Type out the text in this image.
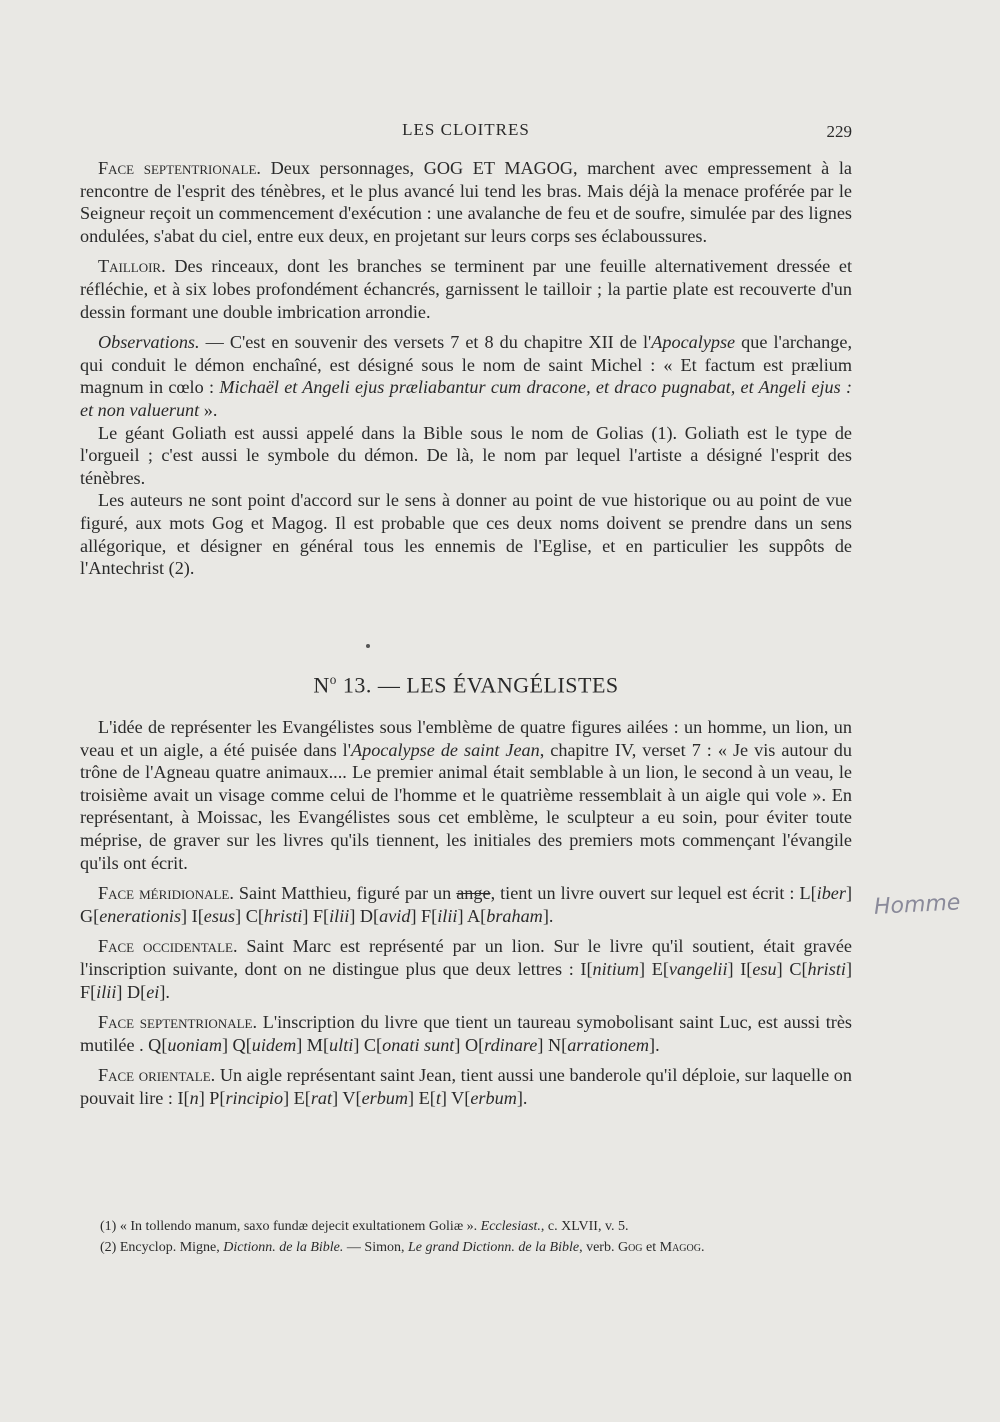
LES CLOITRES	229

Face septentrionale. Deux personnages, GOG ET MAGOG, marchent avec empressement à la rencontre de l'esprit des ténèbres, et le plus avancé lui tend les bras. Mais déjà la menace proférée par le Seigneur reçoit un commencement d'exécution : une avalanche de feu et de soufre, simulée par des lignes ondulées, s'abat du ciel, entre eux deux, en projetant sur leurs corps ses éclaboussures.

Tailloir. Des rinceaux, dont les branches se terminent par une feuille alternativement dressée et réfléchie, et à six lobes profondément échancrés, garnissent le tailloir ; la partie plate est recouverte d'un dessin formant une double imbrication arrondie.

Observations. — C'est en souvenir des versets 7 et 8 du chapitre XII de l'Apocalypse que l'archange, qui conduit le démon enchaîné, est désigné sous le nom de saint Michel : « Et factum est prælium magnum in cœlo : Michaël et Angeli ejus præliabantur cum dracone, et draco pugnabat, et Angeli ejus : et non valuerunt ».

Le géant Goliath est aussi appelé dans la Bible sous le nom de Golias (1). Goliath est le type de l'orgueil ; c'est aussi le symbole du démon. De là, le nom par lequel l'artiste a désigné l'esprit des ténèbres.

Les auteurs ne sont point d'accord sur le sens à donner au point de vue historique ou au point de vue figuré, aux mots Gog et Magog. Il est probable que ces deux noms doivent se prendre dans un sens allégorique, et désigner en général tous les ennemis de l'Eglise, et en particulier les suppôts de l'Antechrist (2).

$N^o$ 13. — LES ÉVANGÉLISTES

L'idée de représenter les Evangélistes sous l'emblème de quatre figures ailées : un homme, un lion, un veau et un aigle, a été puisée dans l'Apocalypse de saint Jean, chapitre IV, verset 7 : « Je vis autour du trône de l'Agneau quatre animaux.... Le premier animal était semblable à un lion, le second à un veau, le troisième avait un visage comme celui de l'homme et le quatrième ressemblait à un aigle qui vole ». En représentant, à Moissac, les Evangélistes sous cet emblème, le sculpteur a eu soin, pour éviter toute méprise, de graver sur les livres qu'ils tiennent, les initiales des premiers mots commençant l'évangile qu'ils ont écrit.

Face méridionale. Saint Matthieu, figuré par un ange, tient un livre ouvert sur lequel est écrit : L[iber] G[enerationis] I[esus] C[hristi] F[ilii] D[avid] F[ilii] A[braham].

Face occidentale. Saint Marc est représenté par un lion. Sur le livre qu'il soutient, était gravée l'inscription suivante, dont on ne distingue plus que deux lettres : I[nitium] E[vangelii] I[esu] C[hristi] F[ilii] D[ei].

Face septentrionale. L'inscription du livre que tient un taureau symobolisant saint Luc, est aussi très mutilée . Q[uoniam] Q[uidem] M[ulti] C[onati sunt] O[rdinare] N[arrationem].

Face orientale. Un aigle représentant saint Jean, tient aussi une banderole qu'il déploie, sur laquelle on pouvait lire : I[n] P[rincipio] E[rat] V[erbum] E[t] V[erbum].

Homme
(1) « In tollendo manum, saxo fundæ dejecit exultationem Goliæ ». Ecclesiast., c. XLVII, v. 5.
(2) Encyclop. Migne, Dictionn. de la Bible. — Simon, Le grand Dictionn. de la Bible, verb. Gog et Magog.
